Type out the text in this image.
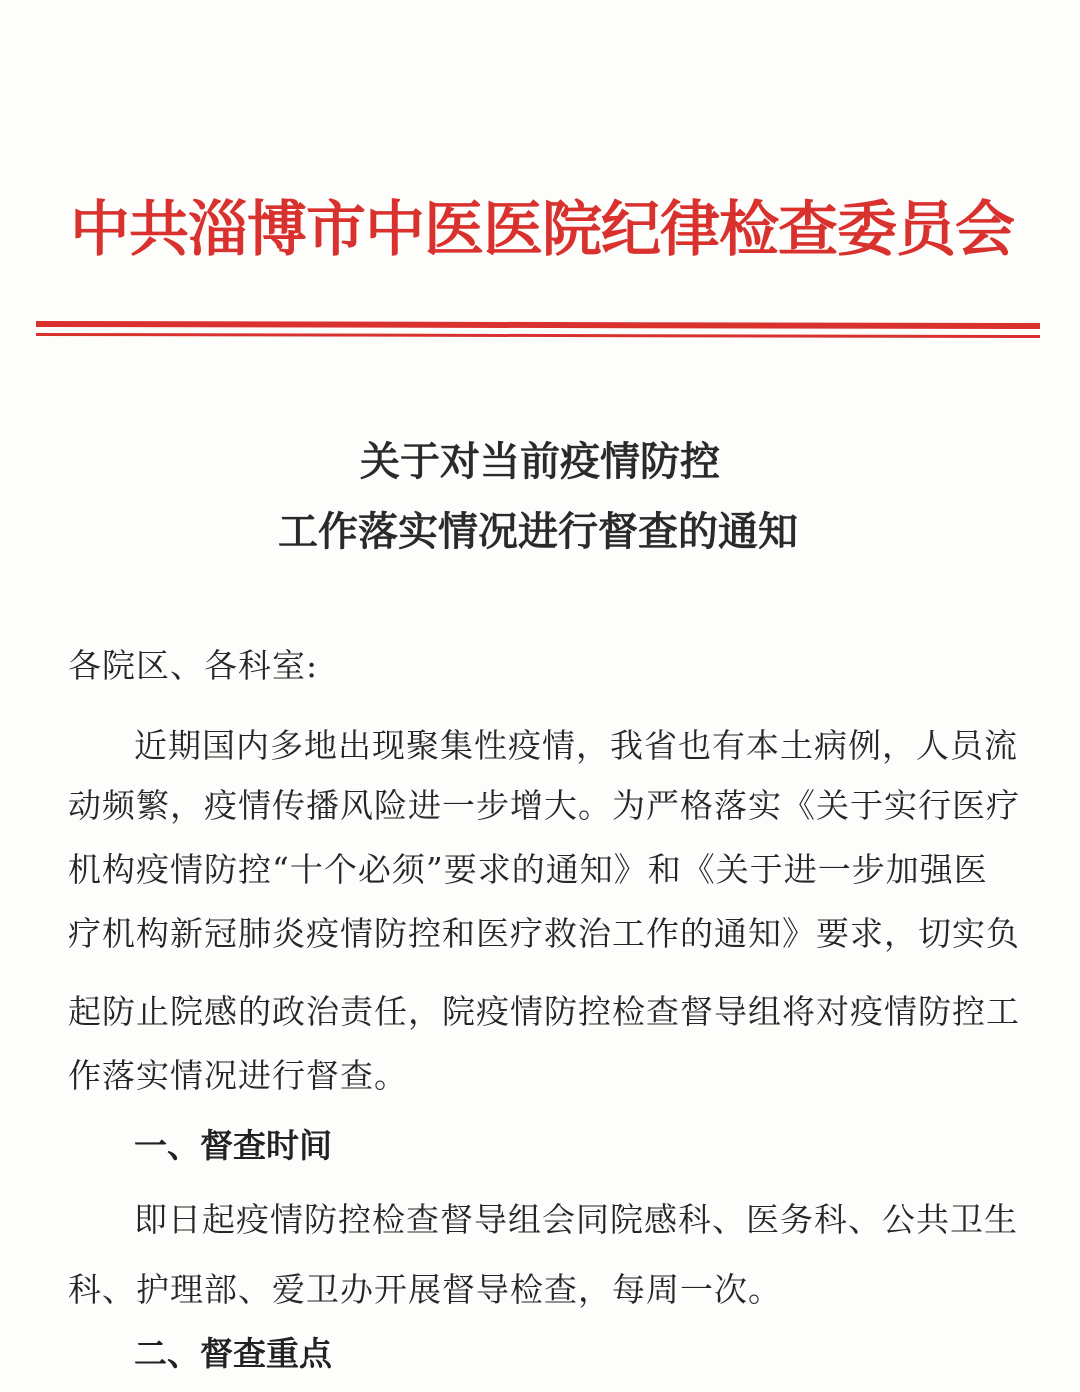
中共淄博市中医医院纪律检查委员会
关于对当前疫情防控
工作落实情况进行督查的通知
各院区、各科室:
近期国内多地出现聚集性疫情，我省也有本土病例，人员流
动频繁，疫情传播风险进一步增大。为严格落实《关于实行医疗
机构疫情防控“十个必须”要求的通知》和《关于进一步加强医
疗机构新冠肺炎疫情防控和医疗救治工作的通知》要求，切实负
起防止院感的政治责任，院疫情防控检查督导组将对疫情防控工
作落实情况进行督查。
一、督查时间
即日起疫情防控检查督导组会同院感科、医务科、公共卫生
科、护理部、爱卫办开展督导检查，每周一次。
二、督查重点
